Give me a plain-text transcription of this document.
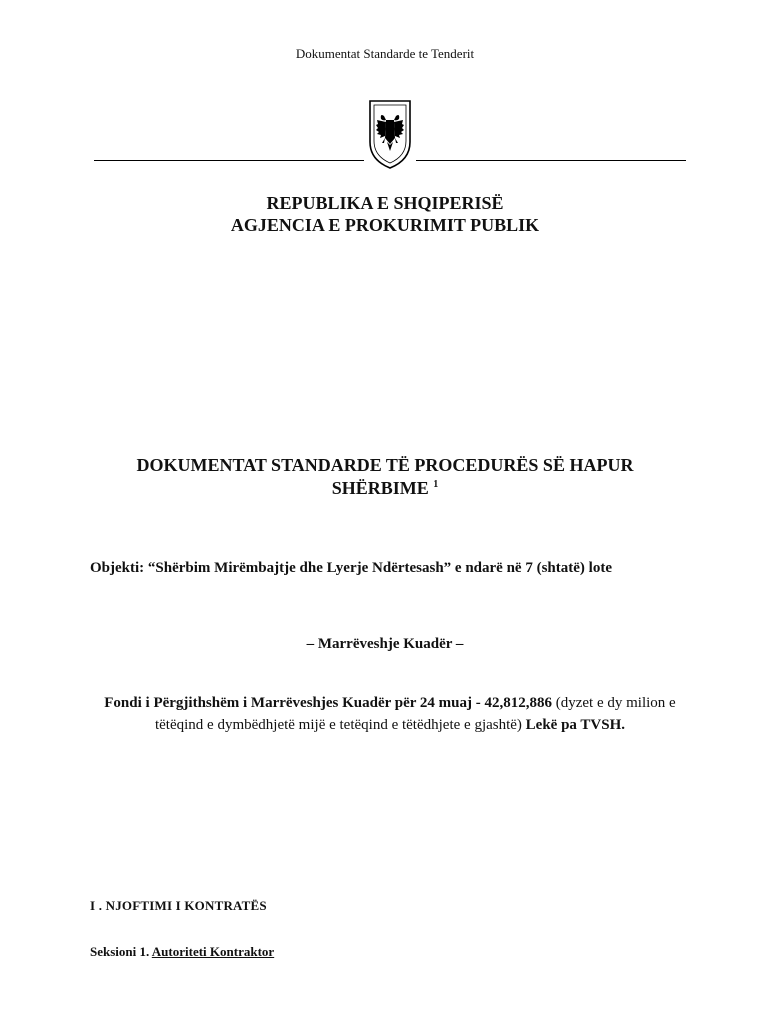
Dokumentat Standarde te Tenderit
REPUBLIKA E SHQIPERISË
AGJENCIA E PROKURIMIT PUBLIK
DOKUMENTAT STANDARDE TË PROCEDURËS SË HAPUR
SHËRBIME $^1$
Objekti: “Shërbim Mirëmbajtje dhe Lyerje Ndërtesash” e ndarë në 7 (shtatë) lote
– Marrëveshje Kuadër –
Fondi i Përgjithshëm i Marrëveshjes Kuadër për 24 muaj - 42,812,886 (dyzet e dy milion e tëtëqind e dymbëdhjetë mijë e tetëqind e tëtëdhjete e gjashtë) Lekë pa TVSH.
I . NJOFTIMI I KONTRATËS
Seksioni 1. Autoriteti Kontraktor
